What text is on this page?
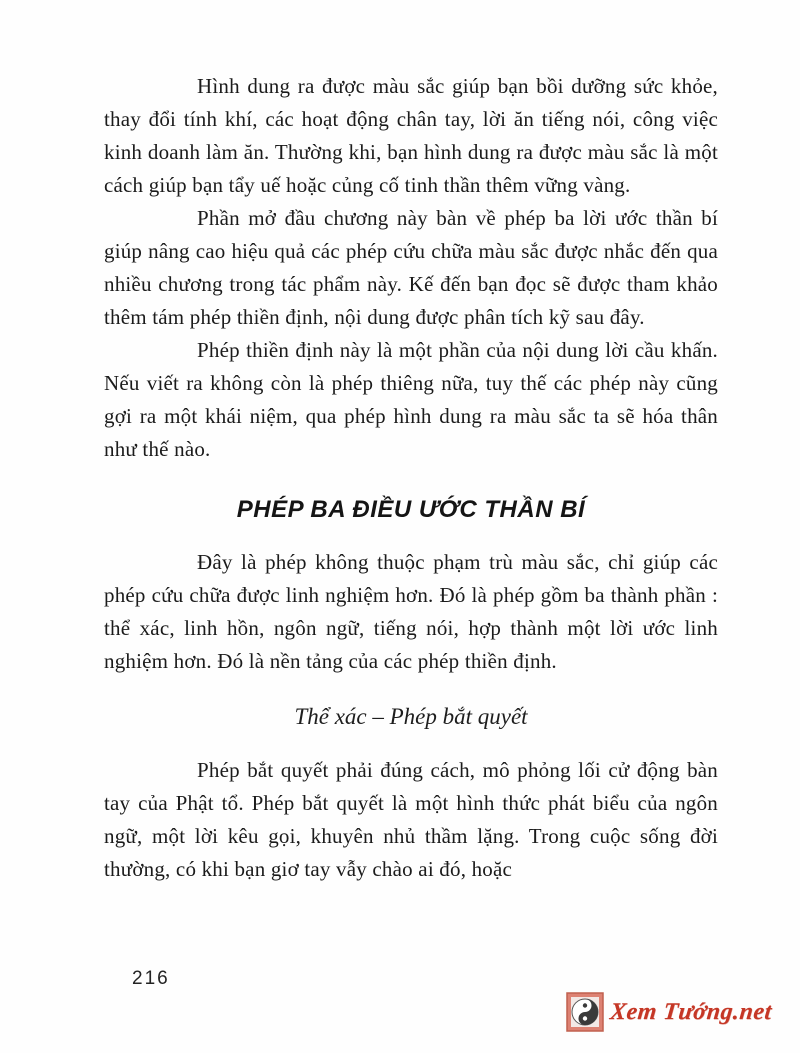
Hình dung ra được màu sắc giúp bạn bồi dưỡng sức khỏe, thay đổi tính khí, các hoạt động chân tay, lời ăn tiếng nói, công việc kinh doanh làm ăn. Thường khi, bạn hình dung ra được màu sắc là một cách giúp bạn tẩy uế hoặc củng cố tinh thần thêm vững vàng.

Phần mở đầu chương này bàn về phép ba lời ước thần bí giúp nâng cao hiệu quả các phép cứu chữa màu sắc được nhắc đến qua nhiều chương trong tác phẩm này. Kế đến bạn đọc sẽ được tham khảo thêm tám phép thiền định, nội dung được phân tích kỹ sau đây.

Phép thiền định này là một phần của nội dung lời cầu khấn. Nếu viết ra không còn là phép thiêng nữa, tuy thế các phép này cũng gợi ra một khái niệm, qua phép hình dung ra màu sắc ta sẽ hóa thân như thế nào.

PHÉP BA ĐIỀU ƯỚC THẦN BÍ

Đây là phép không thuộc phạm trù màu sắc, chỉ giúp các phép cứu chữa được linh nghiệm hơn. Đó là phép gồm ba thành phần : thể xác, linh hồn, ngôn ngữ, tiếng nói, hợp thành một lời ước linh nghiệm hơn. Đó là nền tảng của các phép thiền định.

Thể xác – Phép bắt quyết

Phép bắt quyết phải đúng cách, mô phỏng lối cử động bàn tay của Phật tổ. Phép bắt quyết là một hình thức phát biểu của ngôn ngữ, một lời kêu gọi, khuyên nhủ thầm lặng. Trong cuộc sống đời thường, có khi bạn giơ tay vẫy chào ai đó, hoặc

216
Xem Tướng.net
